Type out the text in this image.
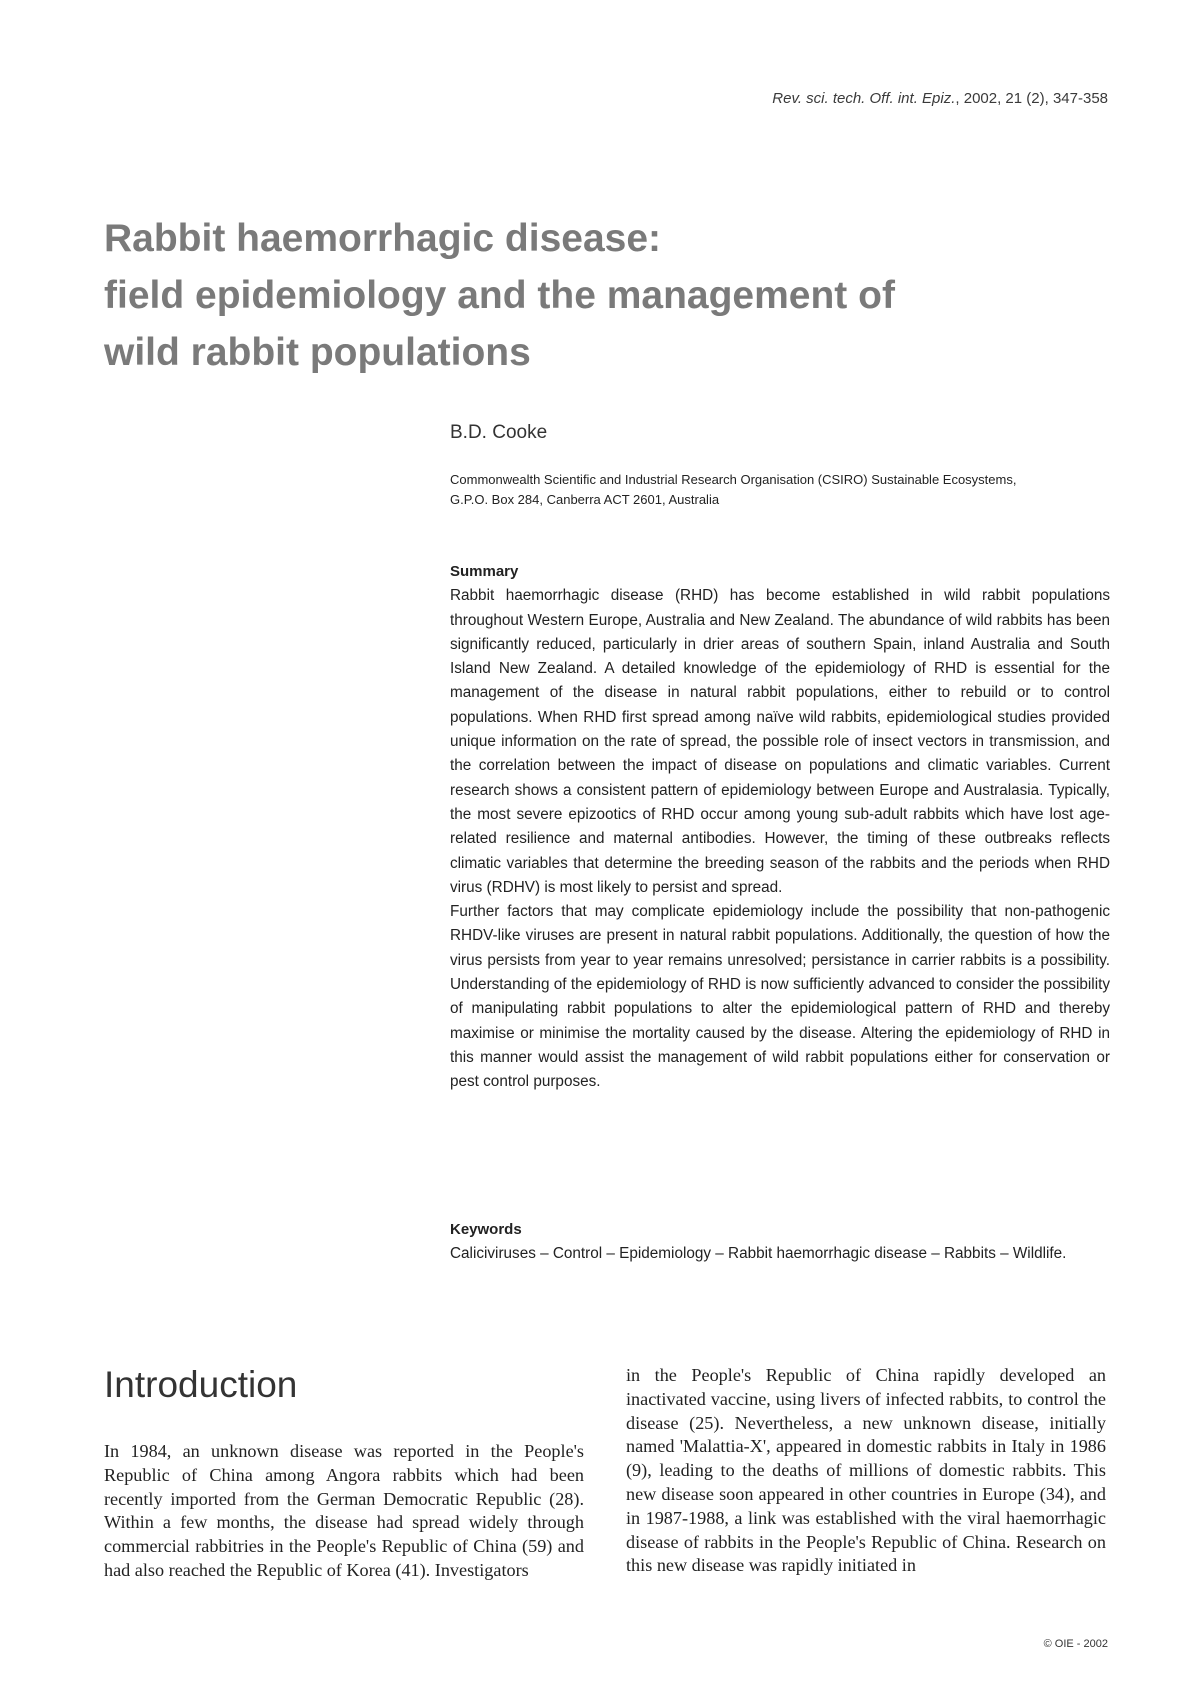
Rev. sci. tech. Off. int. Epiz., 2002, 21 (2), 347-358
Rabbit haemorrhagic disease:
field epidemiology and the management of
wild rabbit populations
B.D. Cooke
Commonwealth Scientific and Industrial Research Organisation (CSIRO) Sustainable Ecosystems,
G.P.O. Box 284, Canberra ACT 2601, Australia
Summary

Rabbit haemorrhagic disease (RHD) has become established in wild rabbit populations throughout Western Europe, Australia and New Zealand. The abundance of wild rabbits has been significantly reduced, particularly in drier areas of southern Spain, inland Australia and South Island New Zealand. A detailed knowledge of the epidemiology of RHD is essential for the management of the disease in natural rabbit populations, either to rebuild or to control populations. When RHD first spread among naïve wild rabbits, epidemiological studies provided unique information on the rate of spread, the possible role of insect vectors in transmission, and the correlation between the impact of disease on populations and climatic variables. Current research shows a consistent pattern of epidemiology between Europe and Australasia. Typically, the most severe epizootics of RHD occur among young sub-adult rabbits which have lost age-related resilience and maternal antibodies. However, the timing of these outbreaks reflects climatic variables that determine the breeding season of the rabbits and the periods when RHD virus (RDHV) is most likely to persist and spread.

Further factors that may complicate epidemiology include the possibility that non-pathogenic RHDV-like viruses are present in natural rabbit populations. Additionally, the question of how the virus persists from year to year remains unresolved; persistance in carrier rabbits is a possibility. Understanding of the epidemiology of RHD is now sufficiently advanced to consider the possibility of manipulating rabbit populations to alter the epidemiological pattern of RHD and thereby maximise or minimise the mortality caused by the disease. Altering the epidemiology of RHD in this manner would assist the management of wild rabbit populations either for conservation or pest control purposes.

Keywords

Caliciviruses – Control – Epidemiology – Rabbit haemorrhagic disease – Rabbits – Wildlife.

Introduction

In 1984, an unknown disease was reported in the People's Republic of China among Angora rabbits which had been recently imported from the German Democratic Republic (28). Within a few months, the disease had spread widely through commercial rabbitries in the People's Republic of China (59) and had also reached the Republic of Korea (41). Investigators

in the People's Republic of China rapidly developed an inactivated vaccine, using livers of infected rabbits, to control the disease (25). Nevertheless, a new unknown disease, initially named 'Malattia-X', appeared in domestic rabbits in Italy in 1986 (9), leading to the deaths of millions of domestic rabbits. This new disease soon appeared in other countries in Europe (34), and in 1987-1988, a link was established with the viral haemorrhagic disease of rabbits in the People's Republic of China. Research on this new disease was rapidly initiated in

© OIE - 2002
